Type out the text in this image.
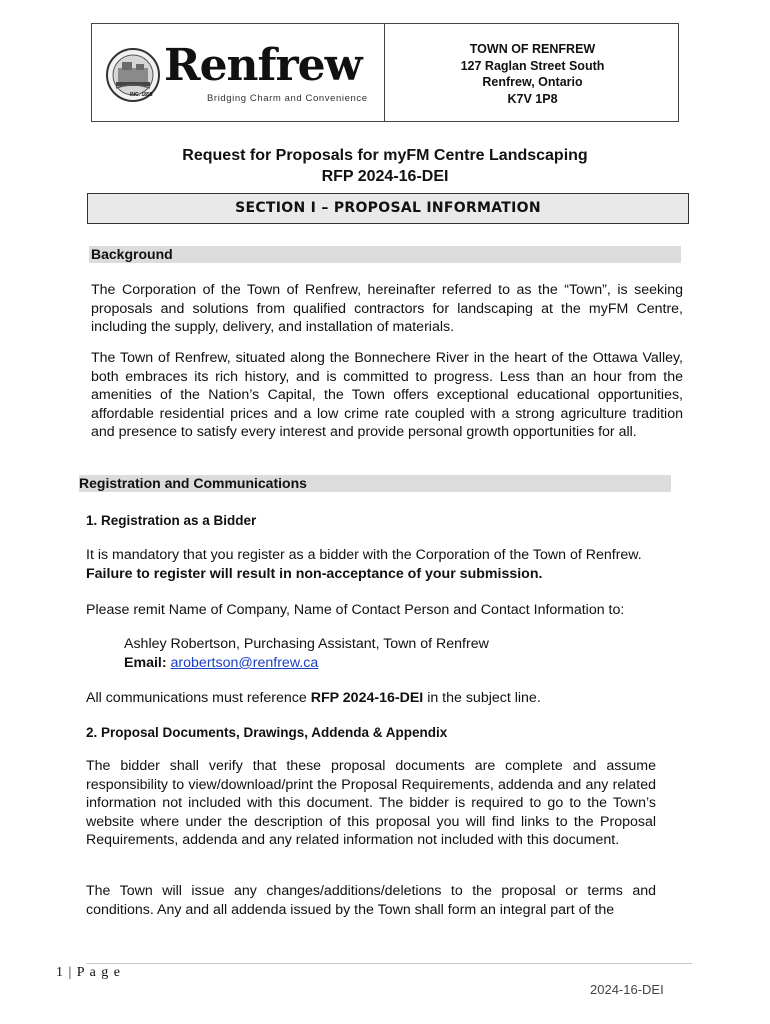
Renfrew
INC. 1858	Bridging Charm and Convenience
TOWN OF RENFREW
127 Raglan Street South
Renfrew, Ontario
K7V 1P8
Request for Proposals for myFM Centre Landscaping
RFP 2024-16-DEI
SECTION I – PROPOSAL INFORMATION
Background
The Corporation of the Town of Renfrew, hereinafter referred to as the “Town”, is seeking proposals and solutions from qualified contractors for landscaping at the myFM Centre, including the supply, delivery, and installation of materials.
The Town of Renfrew, situated along the Bonnechere River in the heart of the Ottawa Valley, both embraces its rich history, and is committed to progress. Less than an hour from the amenities of the Nation’s Capital, the Town offers exceptional educational opportunities, affordable residential prices and a low crime rate coupled with a strong agriculture tradition and presence to satisfy every interest and provide personal growth opportunities for all.
Registration and Communications
1. Registration as a Bidder
It is mandatory that you register as a bidder with the Corporation of the Town of Renfrew.
Failure to register will result in non-acceptance of your submission.
Please remit Name of Company, Name of Contact Person and Contact Information to:
Ashley Robertson, Purchasing Assistant, Town of Renfrew
Email: arobertson@renfrew.ca
All communications must reference RFP 2024-16-DEI in the subject line.
2. Proposal Documents, Drawings, Addenda & Appendix
The bidder shall verify that these proposal documents are complete and assume responsibility to view/download/print the Proposal Requirements, addenda and any related information not included with this document. The bidder is required to go to the Town’s website where under the description of this proposal you will find links to the Proposal Requirements, addenda and any related information not included with this document.
The Town will issue any changes/additions/deletions to the proposal or terms and conditions. Any and all addenda issued by the Town shall form an integral part of the
1 | P a g e
2024-16-DEI
